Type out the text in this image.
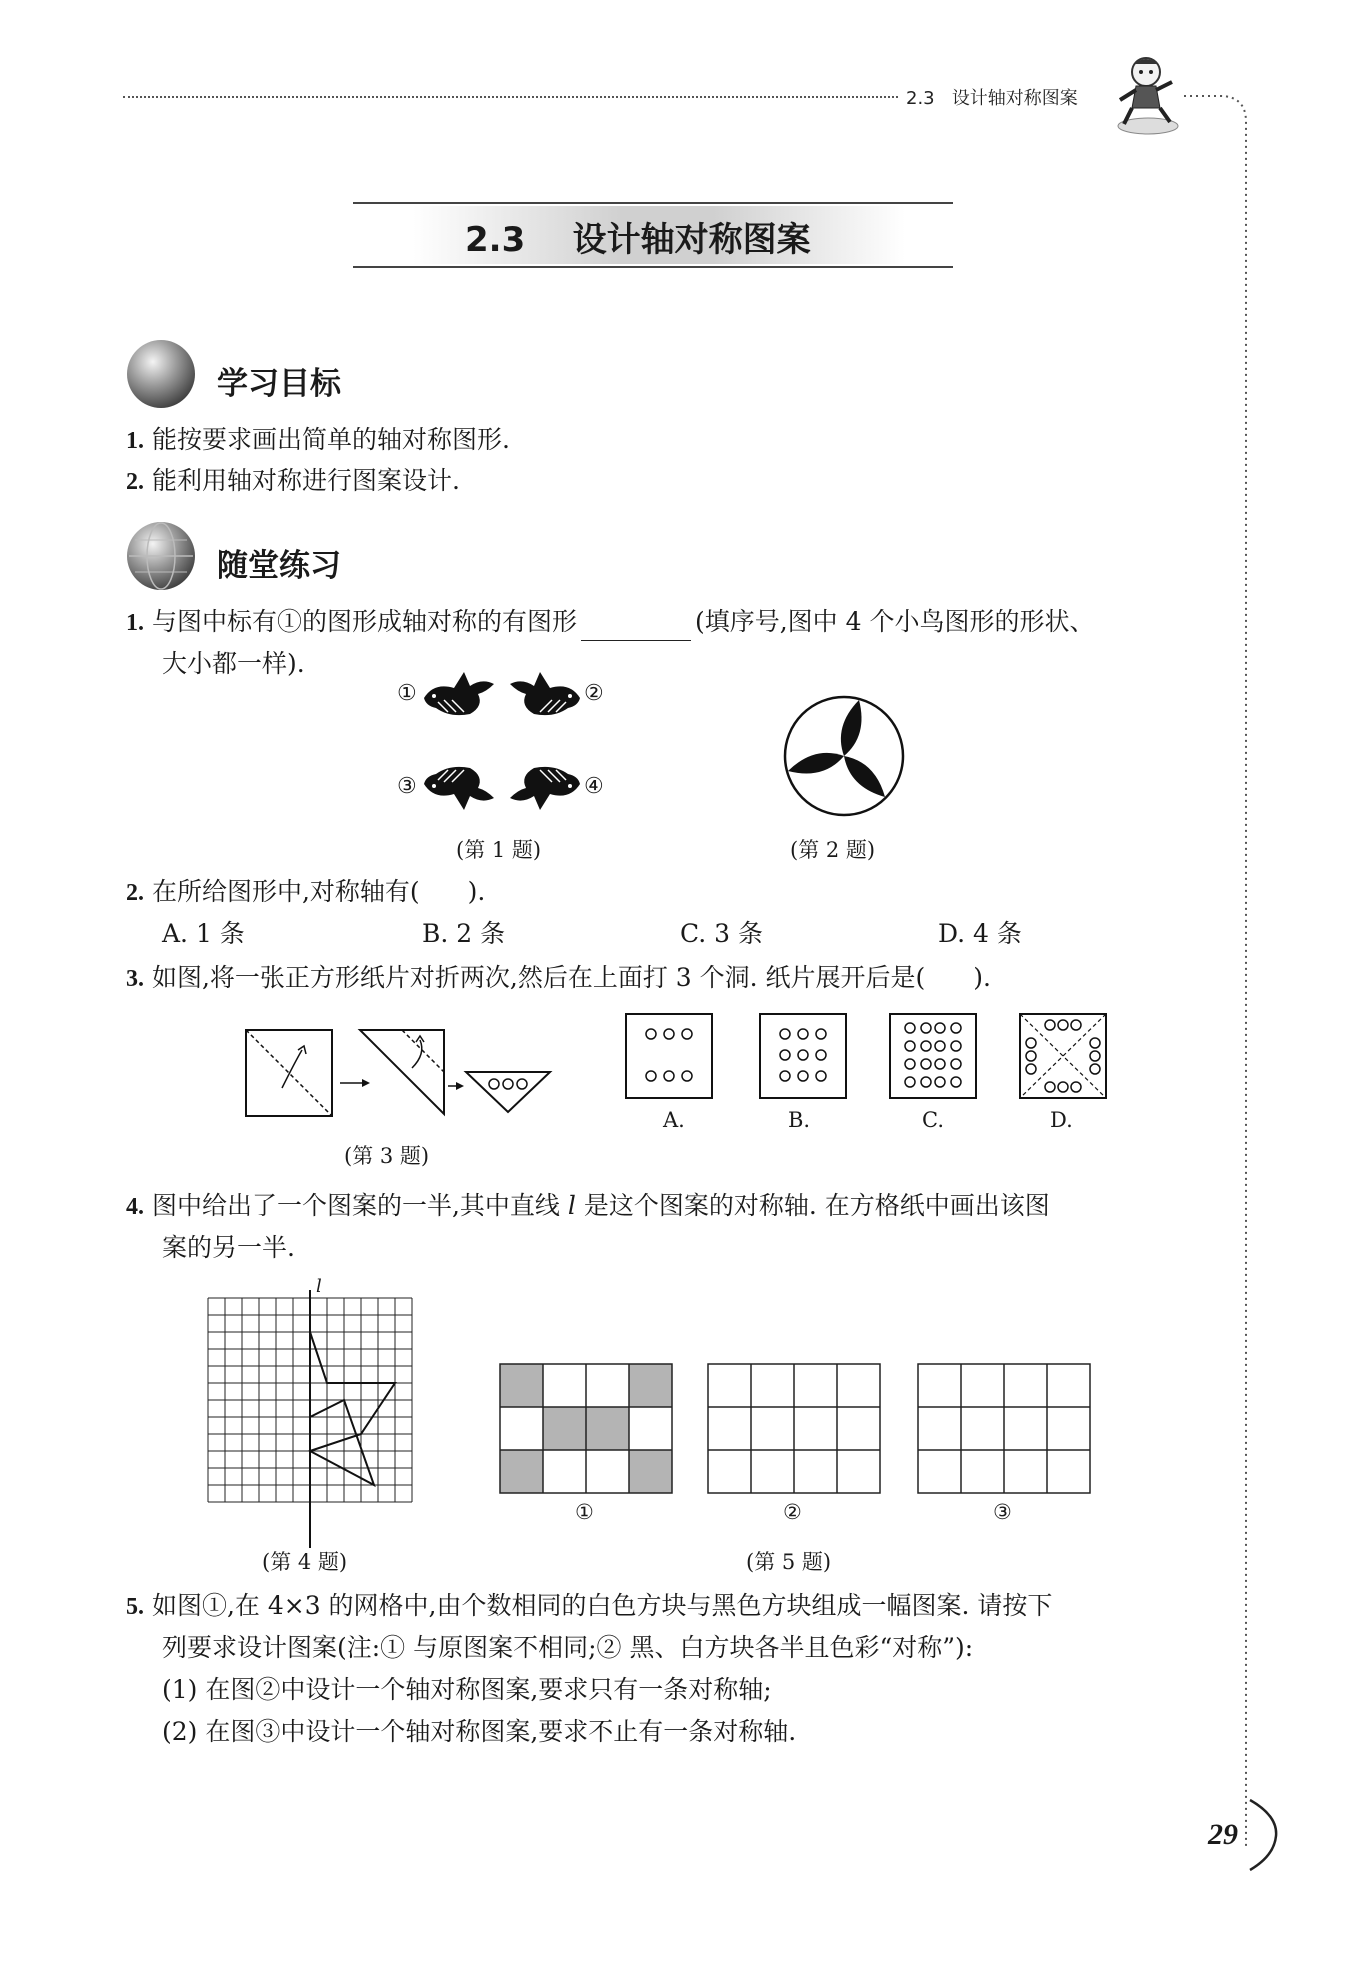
2.3 设计轴对称图案
2.3 设计轴对称图案
学习目标
1. 能按要求画出简单的轴对称图形.
2. 能利用轴对称进行图案设计.
随堂练习
1. 与图中标有①的图形成轴对称的有图形	(填序号,图中 4 个小鸟图形的形状、
大小都一样).
①	②
③	④
(第 1 题)	(第 2 题)
2. 在所给图形中,对称轴有( ).
A. 1 条	B. 2 条	C. 3 条	D. 4 条
3. 如图,将一张正方形纸片对折两次,然后在上面打 3 个洞. 纸片展开后是( ).
(第 3 题)
A.	B.	C.	D.
4. 图中给出了一个图案的一半,其中直线 l 是这个图案的对称轴. 在方格纸中画出该图
案的另一半.
l
(第 4 题)
①	②	③
(第 5 题)
5. 如图①,在 4×3 的网格中,由个数相同的白色方块与黑色方块组成一幅图案. 请按下
列要求设计图案(注:① 与原图案不相同;② 黑、白方块各半且色彩“对称”):
(1) 在图②中设计一个轴对称图案,要求只有一条对称轴;
(2) 在图③中设计一个轴对称图案,要求不止有一条对称轴.
29
